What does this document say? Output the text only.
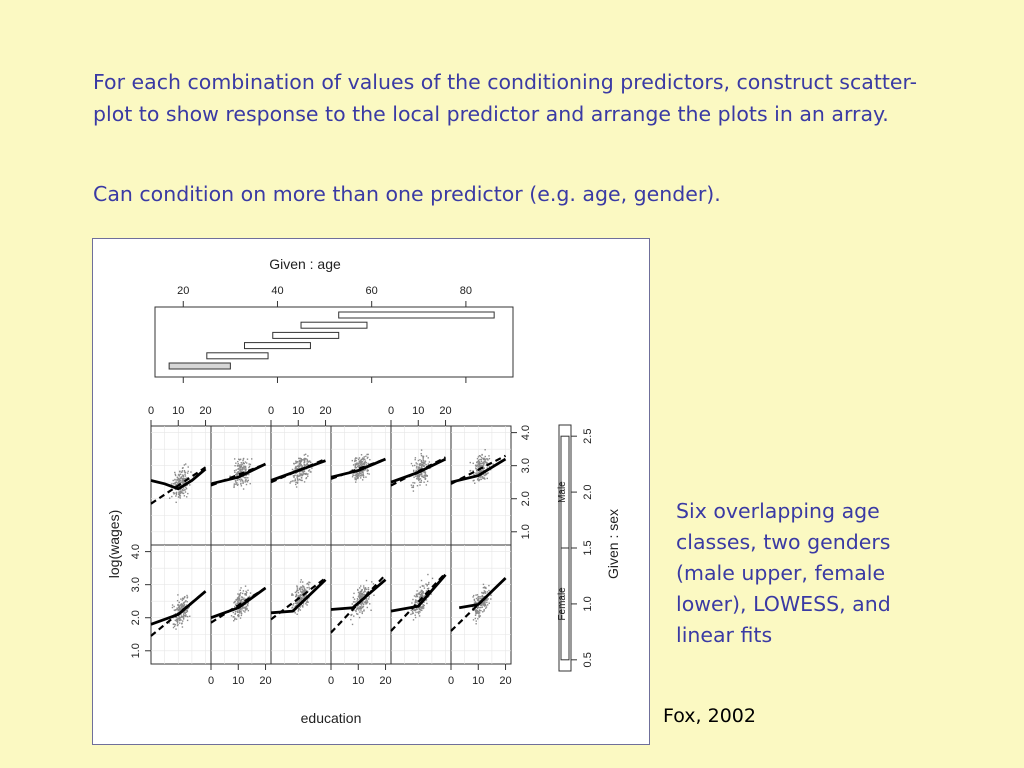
For each combination of values of the conditioning predictors, construct scatter-plot to show response to the local predictor and arrange the plots in an array.

Can condition on more than one predictor (e.g. age, gender).

Given : age
20	40	60	80
0 10 20	0 10 20	0 10 20
0 10 20	0 10 20	0 10 20
1.0
2.0
3.0
4.0
1.0
2.0
3.0
4.0
education
log(wages)
0.5
1.0
1.5
2.0
2.5
Female
Male
Given : sex	Six overlapping age classes, two genders (male upper, female lower), LOWESS, and linear fits
Fox, 2002
